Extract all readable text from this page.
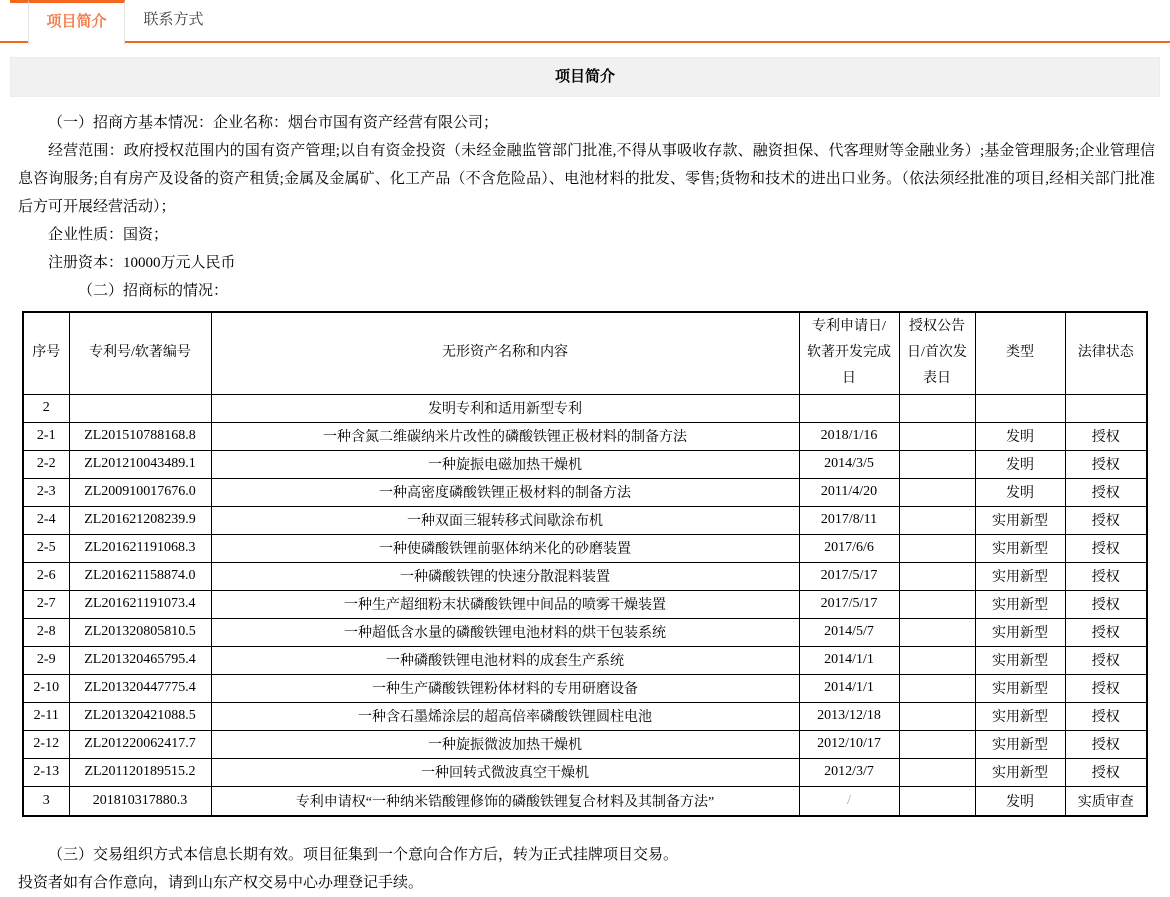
项目简介	联系方式
项目简介

（一）招商方基本情况：企业名称：烟台市国有资产经营有限公司；

经营范围：政府授权范围内的国有资产管理;以自有资金投资（未经金融监管部门批准,不得从事吸收存款、融资担保、代客理财等金融业务）;基金管理服务;企业管理信息咨询服务;自有房产及设备的资产租赁;金属及金属矿、化工产品（不含危险品）、电池材料的批发、零售;货物和技术的进出口业务。（依法须经批准的项目,经相关部门批准后方可开展经营活动）；

企业性质：国资；

注册资本：10000万元人民币

（二）招商标的情况：

序号	专利号/软著编号	无形资产名称和内容	专利申请日/软著开发完成日	授权公告日/首次发表日	类型	法律状态
2		发明专利和适用新型专利				
2-1	ZL201510788168.8	一种含氮二维碳纳米片改性的磷酸铁锂正极材料的制备方法	2018/1/16		发明	授权
2-2	ZL201210043489.1	一种旋振电磁加热干燥机	2014/3/5		发明	授权
2-3	ZL200910017676.0	一种高密度磷酸铁锂正极材料的制备方法	2011/4/20		发明	授权
2-4	ZL201621208239.9	一种双面三辊转移式间歇涂布机	2017/8/11		实用新型	授权
2-5	ZL201621191068.3	一种使磷酸铁锂前驱体纳米化的砂磨装置	2017/6/6		实用新型	授权
2-6	ZL201621158874.0	一种磷酸铁锂的快速分散混料装置	2017/5/17		实用新型	授权
2-7	ZL201621191073.4	一种生产超细粉末状磷酸铁锂中间品的喷雾干燥装置	2017/5/17		实用新型	授权
2-8	ZL201320805810.5	一种超低含水量的磷酸铁锂电池材料的烘干包装系统	2014/5/7		实用新型	授权
2-9	ZL201320465795.4	一种磷酸铁锂电池材料的成套生产系统	2014/1/1		实用新型	授权
2-10	ZL201320447775.4	一种生产磷酸铁锂粉体材料的专用研磨设备	2014/1/1		实用新型	授权
2-11	ZL201320421088.5	一种含石墨烯涂层的超高倍率磷酸铁锂圆柱电池	2013/12/18		实用新型	授权
2-12	ZL201220062417.7	一种旋振微波加热干燥机	2012/10/17		实用新型	授权
2-13	ZL201120189515.2	一种回转式微波真空干燥机	2012/3/7		实用新型	授权
3	201810317880.3	专利申请权“一种纳米锆酸锂修饰的磷酸铁锂复合材料及其制备方法”	/		发明	实质审查

（三）交易组织方式本信息长期有效。项目征集到一个意向合作方后，转为正式挂牌项目交易。

投资者如有合作意向，请到山东产权交易中心办理登记手续。
